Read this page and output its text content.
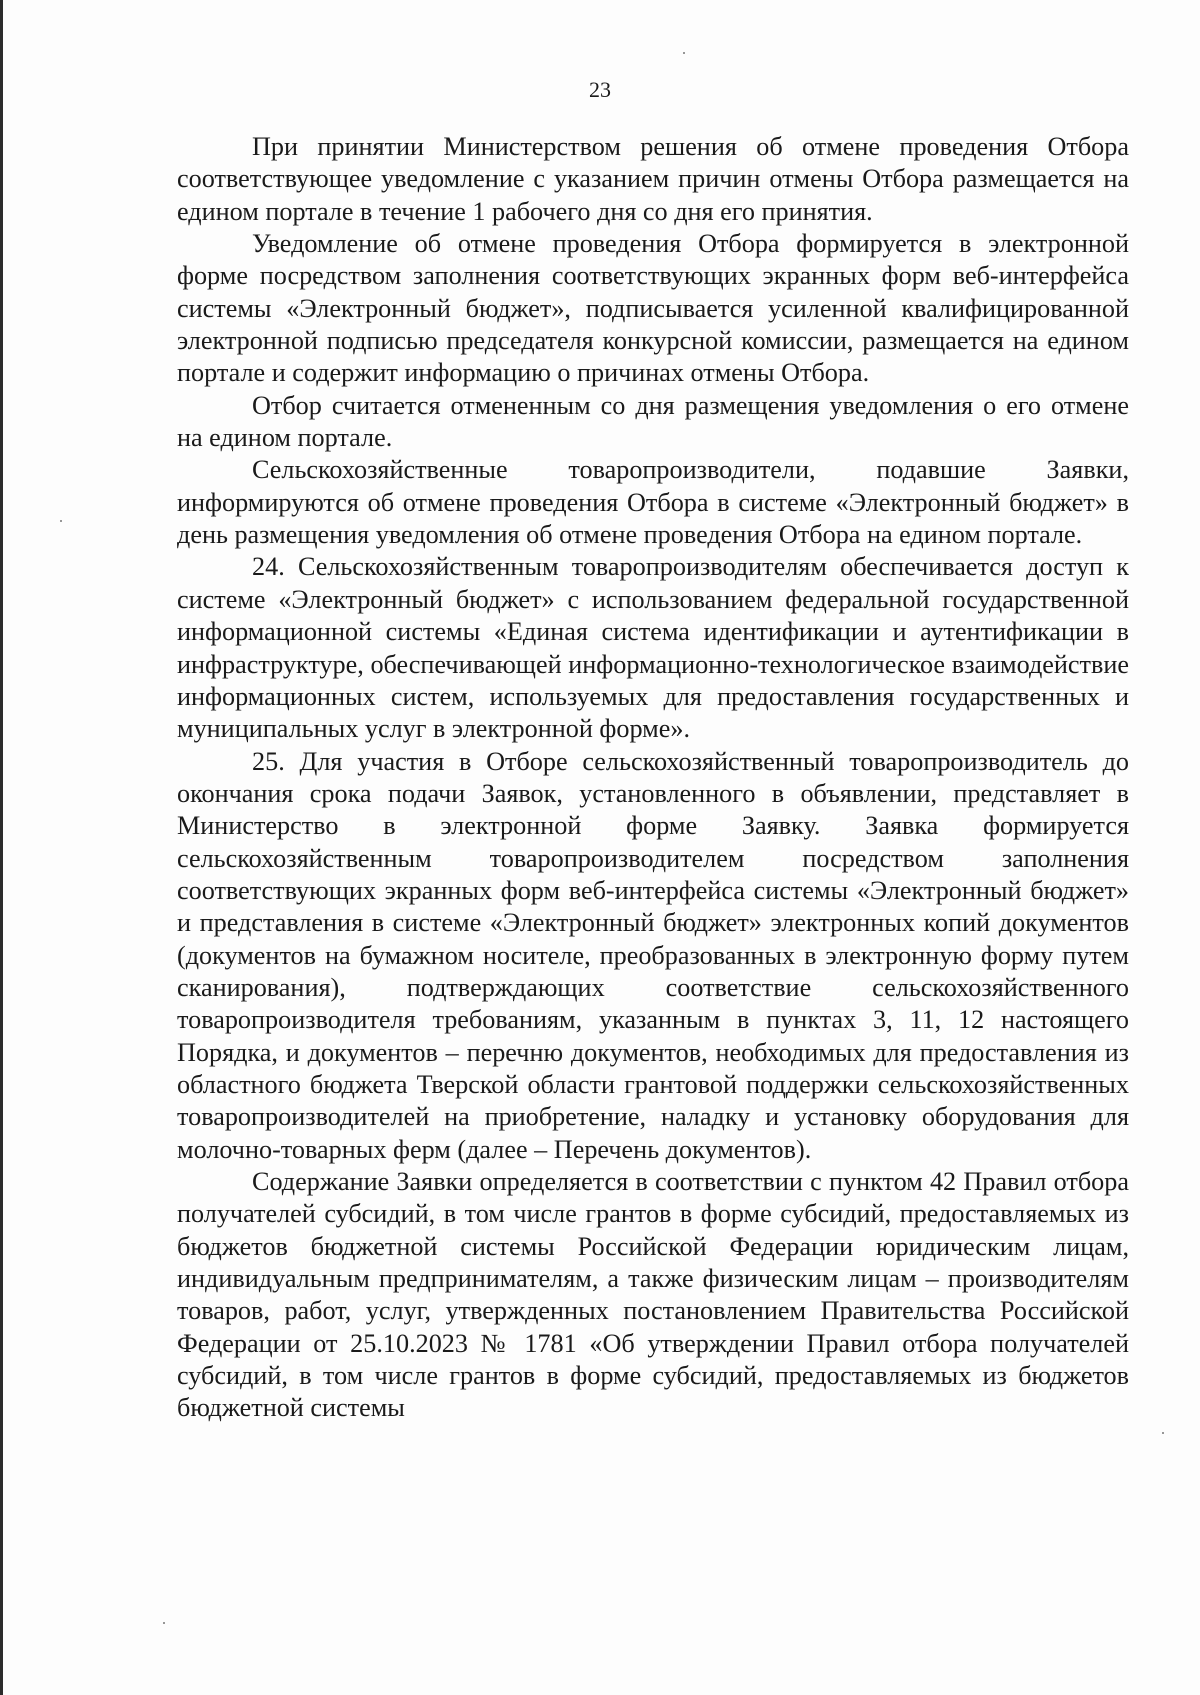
23

При принятии Министерством решения об отмене проведения Отбора соответствующее уведомление с указанием причин отмены Отбора размещается на едином портале в течение 1 рабочего дня со дня его принятия.

Уведомление об отмене проведения Отбора формируется в электронной форме посредством заполнения соответствующих экранных форм веб-интерфейса системы «Электронный бюджет», подписывается усиленной квалифицированной электронной подписью председателя конкурсной комиссии, размещается на едином портале и содержит информацию о причинах отмены Отбора.

Отбор считается отмененным со дня размещения уведомления о его отмене на едином портале.

Сельскохозяйственные товаропроизводители, подавшие Заявки, информируются об отмене проведения Отбора в системе «Электронный бюджет» в день размещения уведомления об отмене проведения Отбора на едином портале.

24. Сельскохозяйственным товаропроизводителям обеспечивается доступ к системе «Электронный бюджет» с использованием федеральной государственной информационной системы «Единая система идентификации и аутентификации в инфраструктуре, обеспечивающей информационно-технологическое взаимодействие информационных систем, используемых для предоставления государственных и муниципальных услуг в электронной форме».

25. Для участия в Отборе сельскохозяйственный товаропроизводитель до окончания срока подачи Заявок, установленного в объявлении, представляет в Министерство в электронной форме Заявку. Заявка формируется сельскохозяйственным товаропроизводителем посредством заполнения соответствующих экранных форм веб-интерфейса системы «Электронный бюджет» и представления в системе «Электронный бюджет» электронных копий документов (документов на бумажном носителе, преобразованных в электронную форму путем сканирования), подтверждающих соответствие сельскохозяйственного товаропроизводителя требованиям, указанным в пунктах 3, 11, 12 настоящего Порядка, и документов – перечню документов, необходимых для предоставления из областного бюджета Тверской области грантовой поддержки сельскохозяйственных товаропроизводителей на приобретение, наладку и установку оборудования для молочно-товарных ферм (далее – Перечень документов).

Содержание Заявки определяется в соответствии с пунктом 42 Правил отбора получателей субсидий, в том числе грантов в форме субсидий, предоставляемых из бюджетов бюджетной системы Российской Федерации юридическим лицам, индивидуальным предпринимателям, а также физическим лицам – производителям товаров, работ, услуг, утвержденных постановлением Правительства Российской Федерации от 25.10.2023 № 1781 «Об утверждении Правил отбора получателей субсидий, в том числе грантов в форме субсидий, предоставляемых из бюджетов бюджетной системы
